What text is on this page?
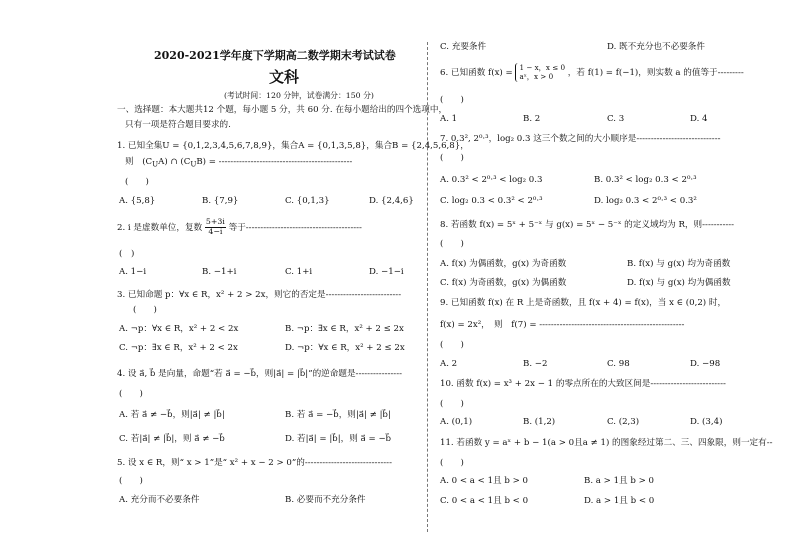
2020-2021学年度下学期高二数学期末考试试卷
文科
(考试时间：120 分钟，试卷满分：150 分)
一、选择题：本大题共12 个题，每小题 5 分，共 60 分. 在每小题给出的四个选项中，
只有一项是符合题目要求的.
1. 已知全集U = {0,1,2,3,4,5,6,7,8,9}，集合A = {0,1,3,5,8}，集合B = {2,4,5,6,8}，
则　$(C_UA)$ ∩ $(C_UB)$ = ----------------------------------------------
(　　)
A. {5,8}	B. {7,9}	C. {0,1,3}	D. {2,4,6}
2. i 是虚数单位，复数 $\frac{5+3i}{4-i}$ 等于----------------------------------------
(　)
A. 1−i	B. −1+i	C. 1+i	D. −1−i
3. 已知命题 p：∀x ∈ R，x² + 2 > 2x，则它的否定是--------------------------
(　　)
A. ¬p：∀x ∈ R，x² + 2 < 2x	B. ¬p：∃x ∈ R，x² + 2 ≤ 2x
C. ¬p：∃x ∈ R，x² + 2 < 2x	D. ¬p：∀x ∈ R，x² + 2 ≤ 2x
4. 设 a⃗, b⃗ 是向量，命题“若 a⃗ = −b⃗，则|a⃗| = |b⃗|”的逆命题是----------------
(　　)
A. 若 a⃗ ≠ −b⃗，则|a⃗| ≠ |b⃗|	B. 若 a⃗ = −b⃗，则|a⃗| ≠ |b⃗|
C. 若|a⃗| ≠ |b⃗|，则 a⃗ ≠ −b⃗	D. 若|a⃗| = |b⃗|，则 a⃗ = −b⃗
5. 设 x ∈ R，则“ x > 1”是“ x² + x − 2 > 0”的------------------------------
(　　)
A. 充分而不必要条件	B. 必要而不充分条件
C. 充要条件	D. 既不充分也不必要条件
6. 已知函数 f(x) =
1 − x，x ≤ 0
aˣ，x > 0	，若 f(1) = f(−1)，则实数 a 的值等于---------
(　　)
A. 1	B. 2	C. 3	D. 4
7. 0.3², 2⁰·³，log₂ 0.3 这三个数之间的大小顺序是-----------------------------
(　　)
A. 0.3² < 2⁰·³ < log₂ 0.3	B. 0.3² < log₂ 0.3 < 2⁰·³
C. log₂ 0.3 < 0.3² < 2⁰·³	D. log₂ 0.3 < 2⁰·³ < 0.3²
8. 若函数 f(x) = 5ˣ + 5⁻ˣ 与 g(x) = 5ˣ − 5⁻ˣ 的定义域均为 R，则-----------
(　　)
A. f(x) 为偶函数，g(x) 为奇函数	B. f(x) 与 g(x) 均为奇函数
C. f(x) 为奇函数，g(x) 为偶函数	D. f(x) 与 g(x) 均为偶函数
9. 已知函数 f(x) 在 R 上是奇函数，且 f(x + 4) = f(x)，当 x ∈ (0,2) 时，
f(x) = 2x²，　则　f(7) = --------------------------------------------------
(　　)
A. 2	B. −2	C. 98	D. −98
10. 函数 f(x) = x³ + 2x − 1 的零点所在的大致区间是--------------------------
(　　)
A. (0,1)	B. (1,2)	C. (2,3)	D. (3,4)
11. 若函数 y = aˣ + b − 1(a > 0且a ≠ 1) 的图象经过第二、三、四象限，则一定有--
(　　)
A. 0 < a < 1且 b > 0	B. a > 1且 b > 0
C. 0 < a < 1且 b < 0	D. a > 1且 b < 0
